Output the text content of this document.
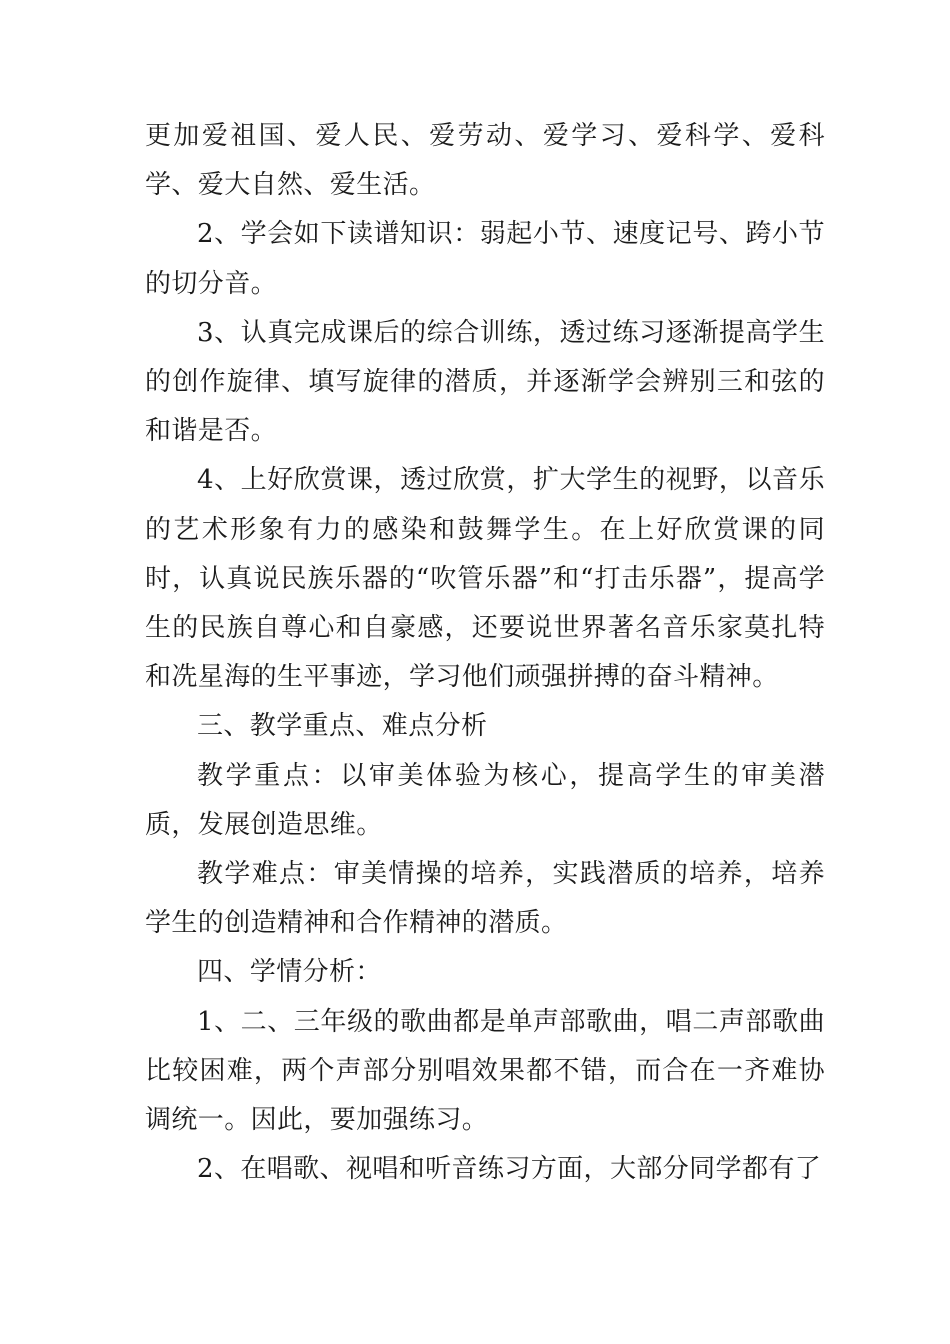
更加爱祖国、爱人民、爱劳动、爱学习、爱科学、爱科学、爱大自然、爱生活。

2、学会如下读谱知识：弱起小节、速度记号、跨小节的切分音。

3、认真完成课后的综合训练，透过练习逐渐提高学生的创作旋律、填写旋律的潜质，并逐渐学会辨别三和弦的和谐是否。

4、上好欣赏课，透过欣赏，扩大学生的视野，以音乐的艺术形象有力的感染和鼓舞学生。在上好欣赏课的同时，认真说民族乐器的“吹管乐器”和“打击乐器”，提高学生的民族自尊心和自豪感，还要说世界著名音乐家莫扎特和冼星海的生平事迹，学习他们顽强拼搏的奋斗精神。

三、教学重点、难点分析

教学重点：以审美体验为核心，提高学生的审美潜质，发展创造思维。

教学难点：审美情操的培养，实践潜质的培养，培养学生的创造精神和合作精神的潜质。

四、学情分析：

1、二、三年级的歌曲都是单声部歌曲，唱二声部歌曲比较困难，两个声部分别唱效果都不错，而合在一齐难协调统一。因此，要加强练习。

2、在唱歌、视唱和听音练习方面，大部分同学都有了
